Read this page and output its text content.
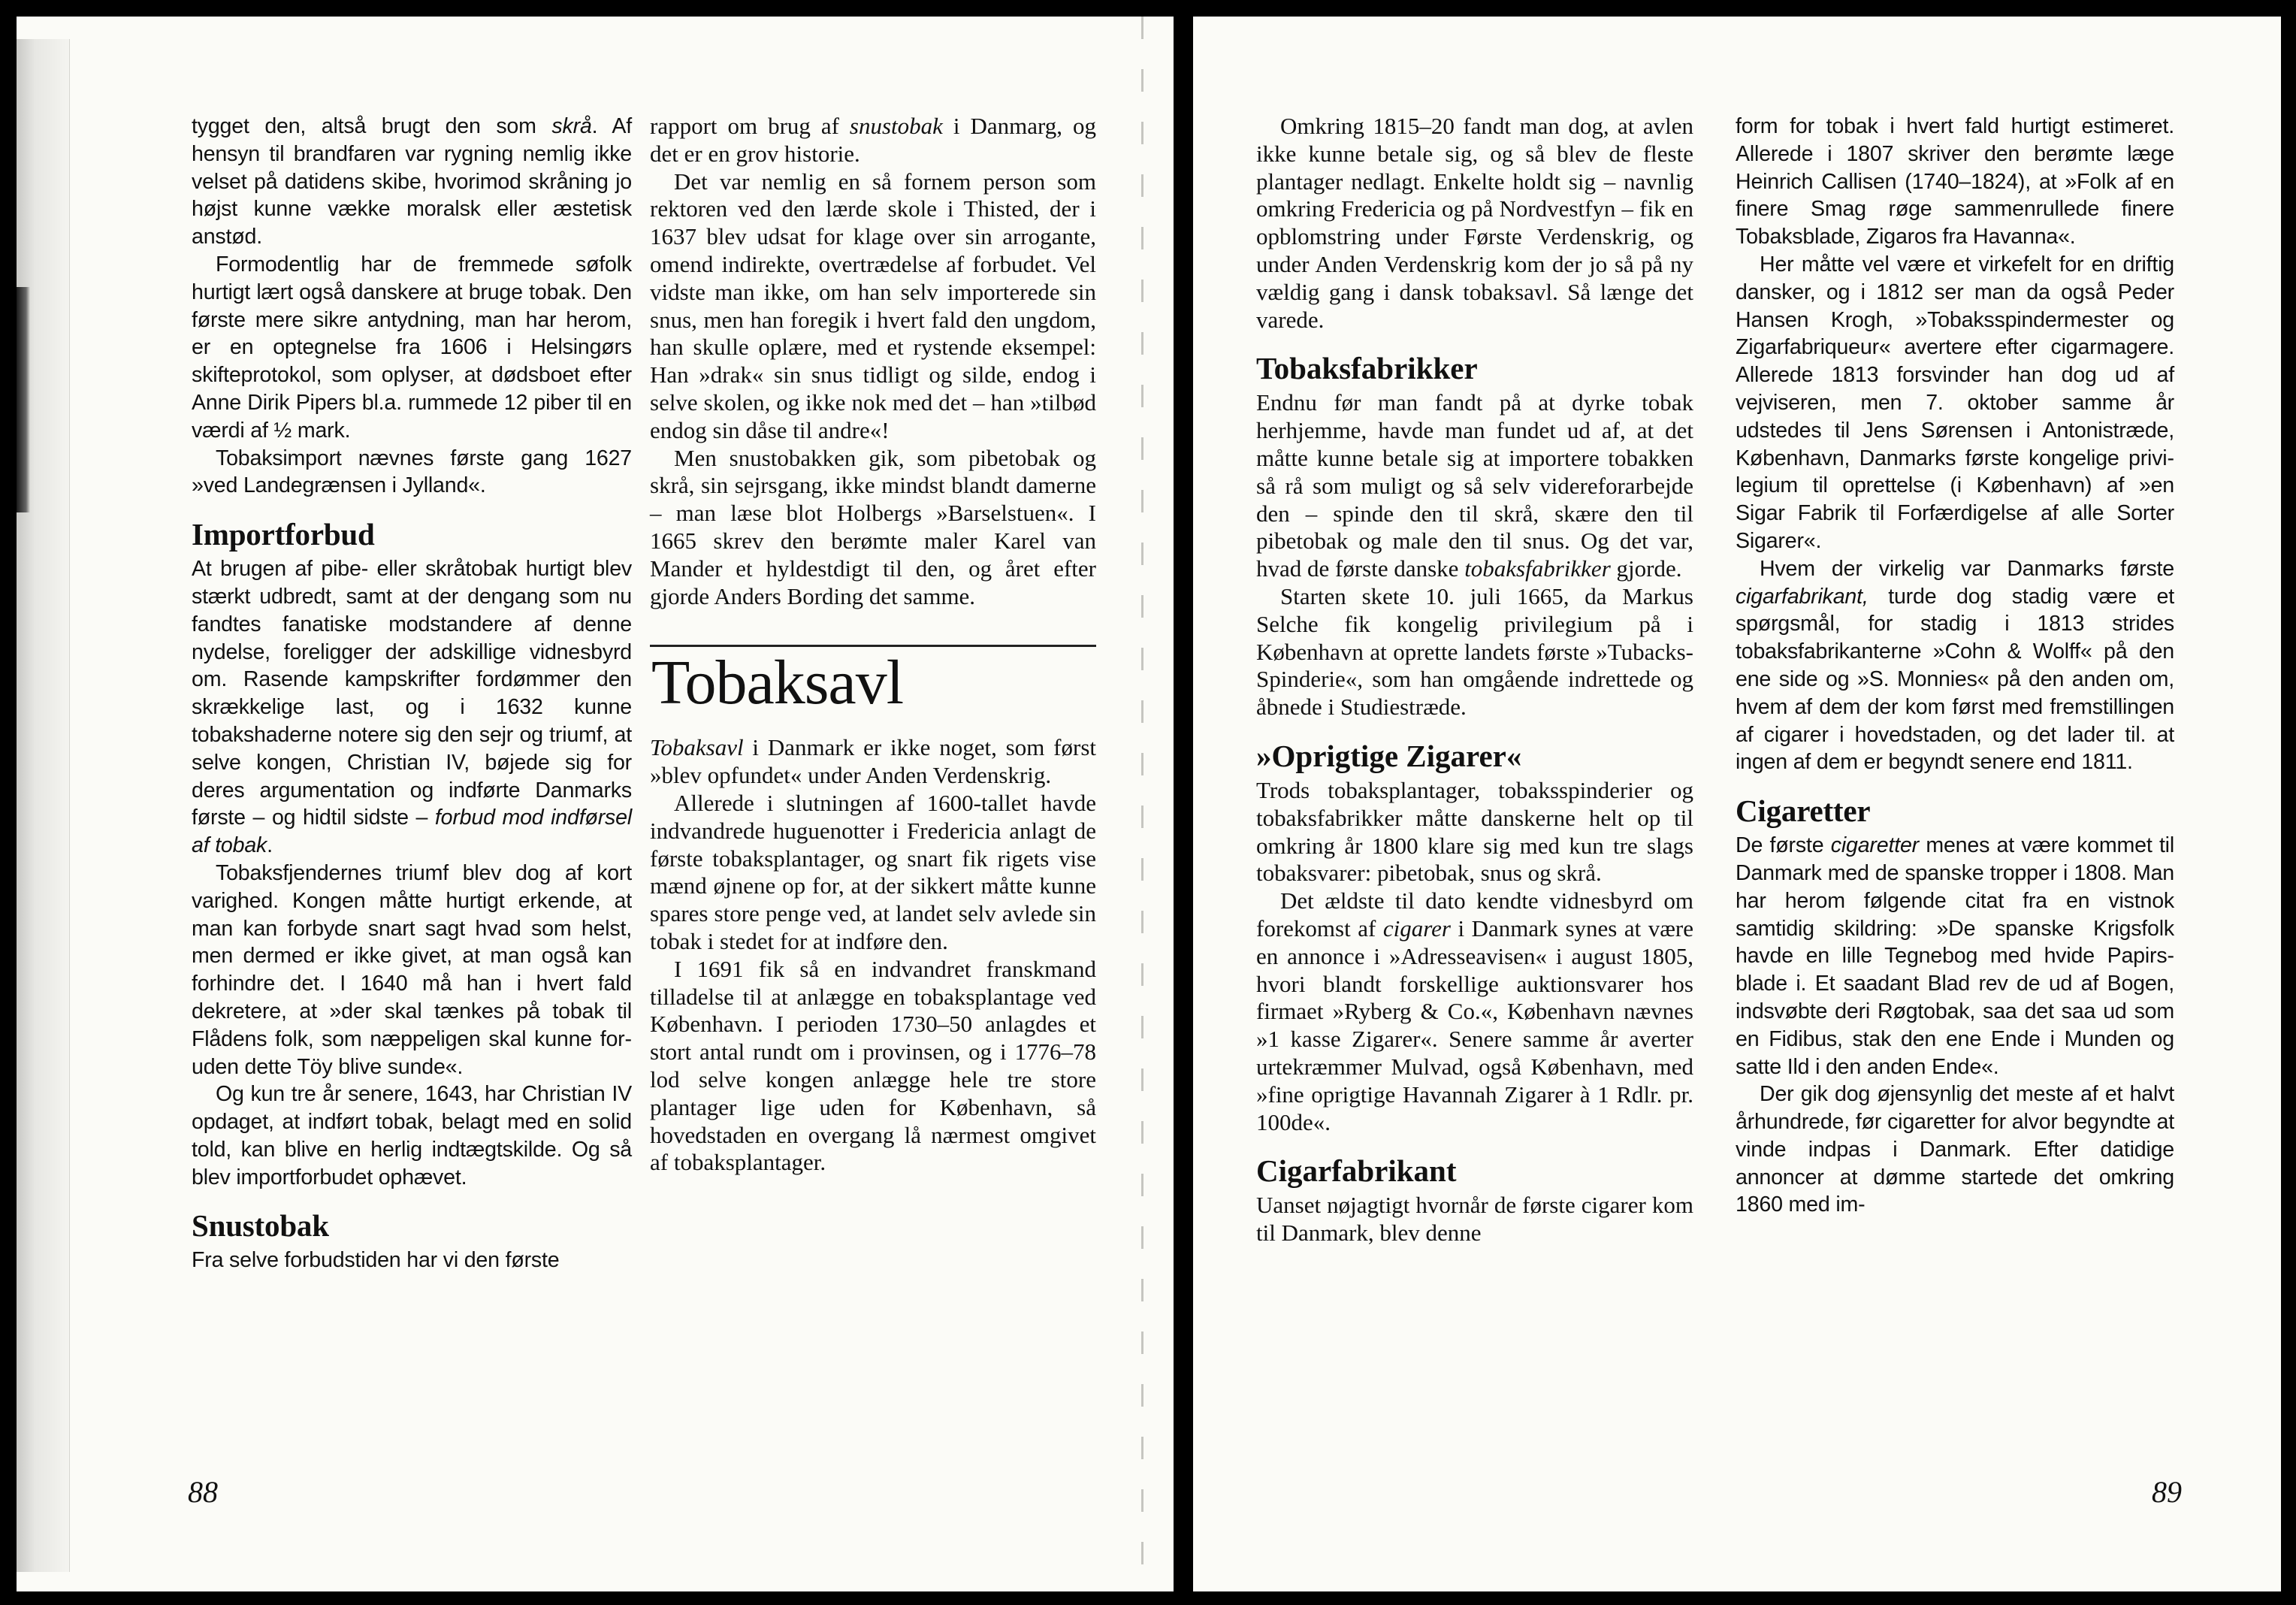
tygget den, altså brugt den som skrå. Af hensyn til brandfaren var rygning nemlig ikke velset på datidens skibe, hvorimod skråning jo højst kunne vække moralsk eller æstetisk anstød.

Formodentlig har de fremmede søfolk hurtigt lært også danskere at bruge tobak. Den første mere sikre antydning, man har herom, er en optegnelse fra 1606 i Helsingørs skifteprotokol, som oplyser, at dødsboet efter Anne Dirik Pipers bl.a. rummede 12 piber til en værdi af ½ mark.

Tobaksimport nævnes første gang 1627 »ved Landegrænsen i Jylland«.

Importforbud

At brugen af pibe- eller skråtobak hurtigt blev stærkt udbredt, samt at der dengang som nu fandtes fanatiske modstandere af denne nydelse, foreligger der adskillige vidnesbyrd om. Rasende kampskrifter fordømmer den skrækkelige last, og i 1632 kunne tobakshaderne notere sig den sejr og triumf, at selve kongen, Christian IV, bøjede sig for deres argumentation og indførte Danmarks første – og hidtil sidste – forbud mod indførsel af tobak.

Tobaksfjendernes triumf blev dog af kort varighed. Kongen måtte hurtigt erkende, at man kan forbyde snart sagt hvad som helst, men dermed er ikke givet, at man også kan forhindre det. I 1640 må han i hvert fald dekretere, at »der skal tænkes på tobak til Flådens folk, som næppeligen skal kunne foruden dette Töy blive sunde«.

Og kun tre år senere, 1643, har Christian IV opdaget, at indført tobak, belagt med en solid told, kan blive en herlig indtægtskilde. Og så blev importforbudet ophævet.

Snustobak

Fra selve forbudstiden har vi den første

rapport om brug af snustobak i Danmarg, og det er en grov historie.

Det var nemlig en så fornem person som rektoren ved den lærde skole i Thisted, der i 1637 blev udsat for klage over sin arrogante, omend indirekte, overtrædelse af forbudet. Vel vidste man ikke, om han selv importerede sin snus, men han foregik i hvert fald den ungdom, han skulle oplære, med et rystende eksempel: Han »drak« sin snus tidligt og silde, endog i selve skolen, og ikke nok med det – han »tilbød endog sin dåse til andre«!

Men snustobakken gik, som pibetobak og skrå, sin sejrsgang, ikke mindst blandt damerne – man læse blot Holbergs »Barselstuen«. I 1665 skrev den berømte maler Karel van Mander et hyldestdigt til den, og året efter gjorde Anders Bording det samme.

Tobaksavl

Tobaksavl i Danmark er ikke noget, som først »blev opfundet« under Anden Verdenskrig.

Allerede i slutningen af 1600-tallet havde indvandrede huguenotter i Fredericia anlagt de første tobaksplantager, og snart fik rigets vise mænd øjnene op for, at der sikkert måtte kunne spares store penge ved, at landet selv avlede sin tobak i stedet for at indføre den.

I 1691 fik så en indvandret franskmand tilladelse til at anlægge en tobaksplantage ved København. I perioden 1730–50 anlagdes et stort antal rundt om i provinsen, og i 1776–78 lod selve kongen anlægge hele tre store plantager lige uden for København, så hovedstaden en overgang lå nærmest omgivet af tobaksplantager.

88

Omkring 1815–20 fandt man dog, at avlen ikke kunne betale sig, og så blev de fleste plantager nedlagt. Enkelte holdt sig – navnlig omkring Fredericia og på Nordvestfyn – fik en opblomstring under Første Verdenskrig, og under Anden Verdenskrig kom der jo så på ny vældig gang i dansk tobaksavl. Så længe det varede.

Tobaksfabrikker

Endnu før man fandt på at dyrke tobak herhjemme, havde man fundet ud af, at det måtte kunne betale sig at importere tobakken så rå som muligt og så selv videreforarbejde den – spinde den til skrå, skære den til pibetobak og male den til snus. Og det var, hvad de første danske tobaksfabrikker gjorde.

Starten skete 10. juli 1665, da Markus Selche fik kongelig privilegium på i København at oprette landets første »Tubacks-Spinderie«, som han omgående indrettede og åbnede i Studiestræde.

»Oprigtige Zigarer«

Trods tobaksplantager, tobaksspinderier og tobaksfabrikker måtte danskerne helt op til omkring år 1800 klare sig med kun tre slags tobaksvarer: pibetobak, snus og skrå.

Det ældste til dato kendte vidnesbyrd om forekomst af cigarer i Danmark synes at være en annonce i »Adresseavisen« i august 1805, hvori blandt forskellige auktionsvarer hos firmaet »Ryberg & Co.«, København nævnes »1 kasse Zigarer«. Senere samme år averter urtekræmmer Mulvad, også København, med »fine oprigtige Havannah Zigarer à 1 Rdlr. pr. 100de«.

Cigarfabrikant

Uanset nøjagtigt hvornår de første cigarer kom til Danmark, blev denne

form for tobak i hvert fald hurtigt estimeret. Allerede i 1807 skriver den berømte læge Heinrich Callisen (1740–1824), at »Folk af en finere Smag røge sammenrullede finere Tobaksblade, Zigaros fra Havanna«.

Her måtte vel være et virkefelt for en driftig dansker, og i 1812 ser man da også Peder Hansen Krogh, »Tobaksspindermester og Zigarfabriqueur« avertere efter cigarmagere. Allerede 1813 forsvinder han dog ud af vejviseren, men 7. oktober samme år udstedes til Jens Sørensen i Antonistræde, København, Danmarks første kongelige privilegium til oprettelse (i København) af »en Sigar Fabrik til Forfærdigelse af alle Sorter Sigarer«.

Hvem der virkelig var Danmarks første cigarfabrikant, turde dog stadig være et spørgsmål, for stadig i 1813 strides tobaksfabrikanterne »Cohn & Wolff« på den ene side og »S. Monnies« på den anden om, hvem af dem der kom først med fremstillingen af cigarer i hovedstaden, og det lader til. at ingen af dem er begyndt senere end 1811.

Cigaretter

De første cigaretter menes at være kommet til Danmark med de spanske tropper i 1808. Man har herom følgende citat fra en vistnok samtidig skildring: »De spanske Krigsfolk havde en lille Tegnebog med hvide Papirsblade i. Et saadant Blad rev de ud af Bogen, indsvøbte deri Røgtobak, saa det saa ud som en Fidibus, stak den ene Ende i Munden og satte Ild i den anden Ende«.

Der gik dog øjensynlig det meste af et halvt århundrede, før cigaretter for alvor begyndte at vinde indpas i Danmark. Efter datidige annoncer at dømme startede det omkring 1860 med im-

89
